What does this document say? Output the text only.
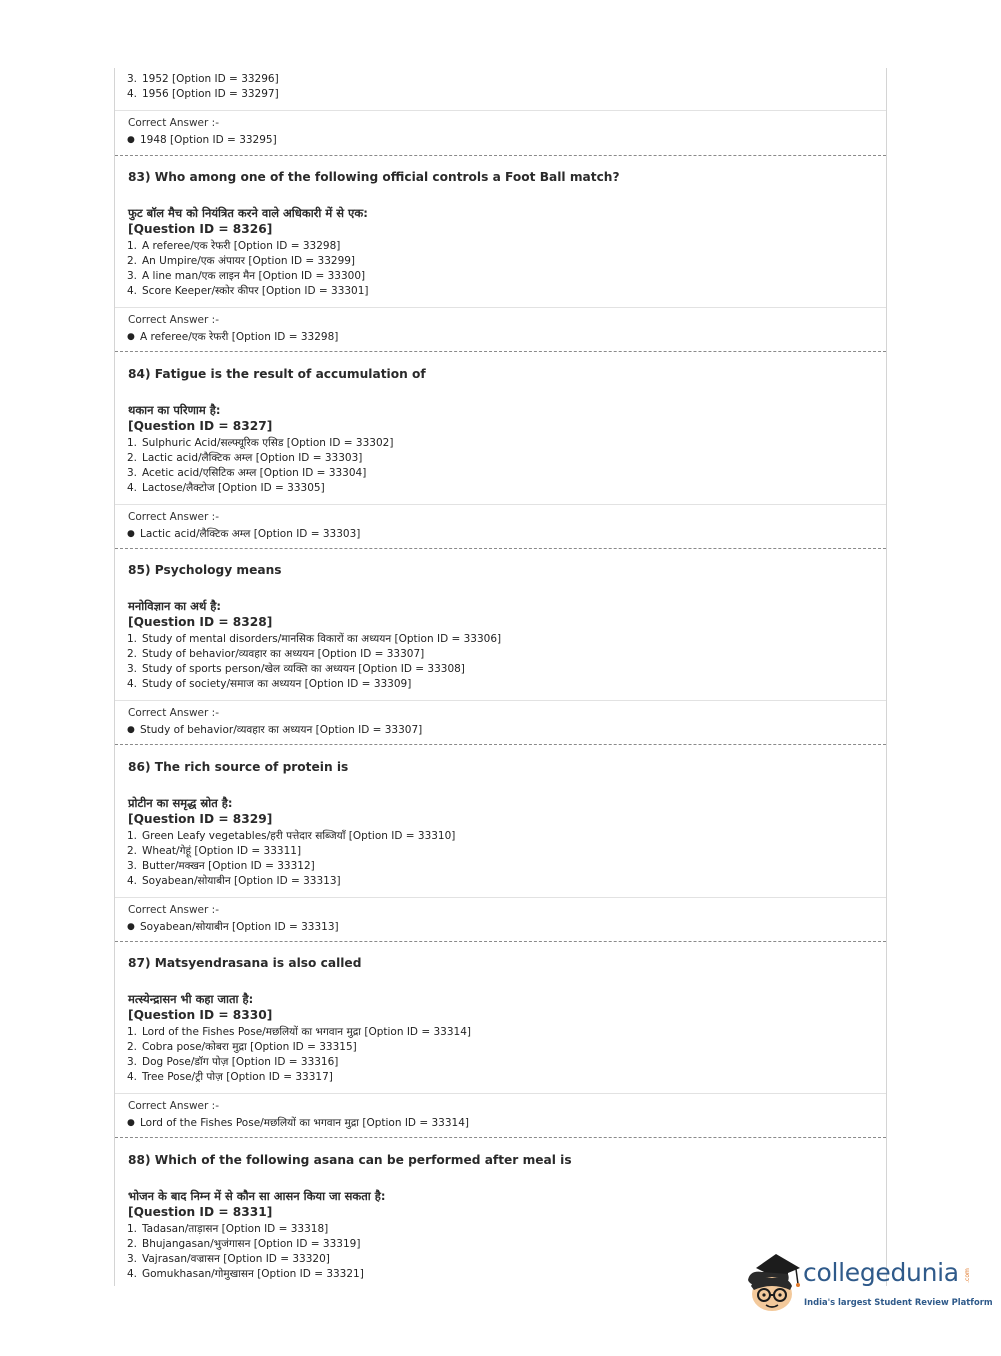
3. 1952 [Option ID = 33296]
4. 1956 [Option ID = 33297]
Correct Answer :-
● 1948 [Option ID = 33295]
83) Who among one of the following official controls a Foot Ball match?
फुट बॉल मैच को नियंत्रित करने वाले अधिकारी में से एक:
[Question ID = 8326]
1. A referee/एक रेफरी [Option ID = 33298]
2. An Umpire/एक अंपायर [Option ID = 33299]
3. A line man/एक लाइन मैन [Option ID = 33300]
4. Score Keeper/स्कोर कीपर [Option ID = 33301]
Correct Answer :-
● A referee/एक रेफरी [Option ID = 33298]
84) Fatigue is the result of accumulation of
थकान का परिणाम है:
[Question ID = 8327]
1. Sulphuric Acid/सल्फ्यूरिक एसिड [Option ID = 33302]
2. Lactic acid/लैक्टिक अम्ल [Option ID = 33303]
3. Acetic acid/एसिटिक अम्ल [Option ID = 33304]
4. Lactose/लैक्टोज [Option ID = 33305]
Correct Answer :-
● Lactic acid/लैक्टिक अम्ल [Option ID = 33303]
85) Psychology means
मनोविज्ञान का अर्थ है:
[Question ID = 8328]
1. Study of mental disorders/मानसिक विकारों का अध्ययन [Option ID = 33306]
2. Study of behavior/व्यवहार का अध्ययन [Option ID = 33307]
3. Study of sports person/खेल व्यक्ति का अध्ययन [Option ID = 33308]
4. Study of society/समाज का अध्ययन [Option ID = 33309]
Correct Answer :-
● Study of behavior/व्यवहार का अध्ययन [Option ID = 33307]
86) The rich source of protein is
प्रोटीन का समृद्ध स्रोत है:
[Question ID = 8329]
1. Green Leafy vegetables/हरी पत्तेदार सब्जियाँ [Option ID = 33310]
2. Wheat/गेहूं [Option ID = 33311]
3. Butter/मक्खन [Option ID = 33312]
4. Soyabean/सोयाबीन [Option ID = 33313]
Correct Answer :-
● Soyabean/सोयाबीन [Option ID = 33313]
87) Matsyendrasana is also called
मत्स्येन्द्रासन भी कहा जाता है:
[Question ID = 8330]
1. Lord of the Fishes Pose/मछलियों का भगवान मुद्रा [Option ID = 33314]
2. Cobra pose/कोबरा मुद्रा [Option ID = 33315]
3. Dog Pose/डॉग पोज़ [Option ID = 33316]
4. Tree Pose/ट्री पोज़ [Option ID = 33317]
Correct Answer :-
● Lord of the Fishes Pose/मछलियों का भगवान मुद्रा [Option ID = 33314]
88) Which of the following asana can be performed after meal is
भोजन के बाद निम्न में से कौन सा आसन किया जा सकता है:
[Question ID = 8331]
1. Tadasan/ताड़ासन [Option ID = 33318]
2. Bhujangasan/भुजंगासन [Option ID = 33319]
3. Vajrasan/वज्रासन [Option ID = 33320]
4. Gomukhasan/गोमुखासन [Option ID = 33321]	collegedunia .com
India's largest Student Review Platform
